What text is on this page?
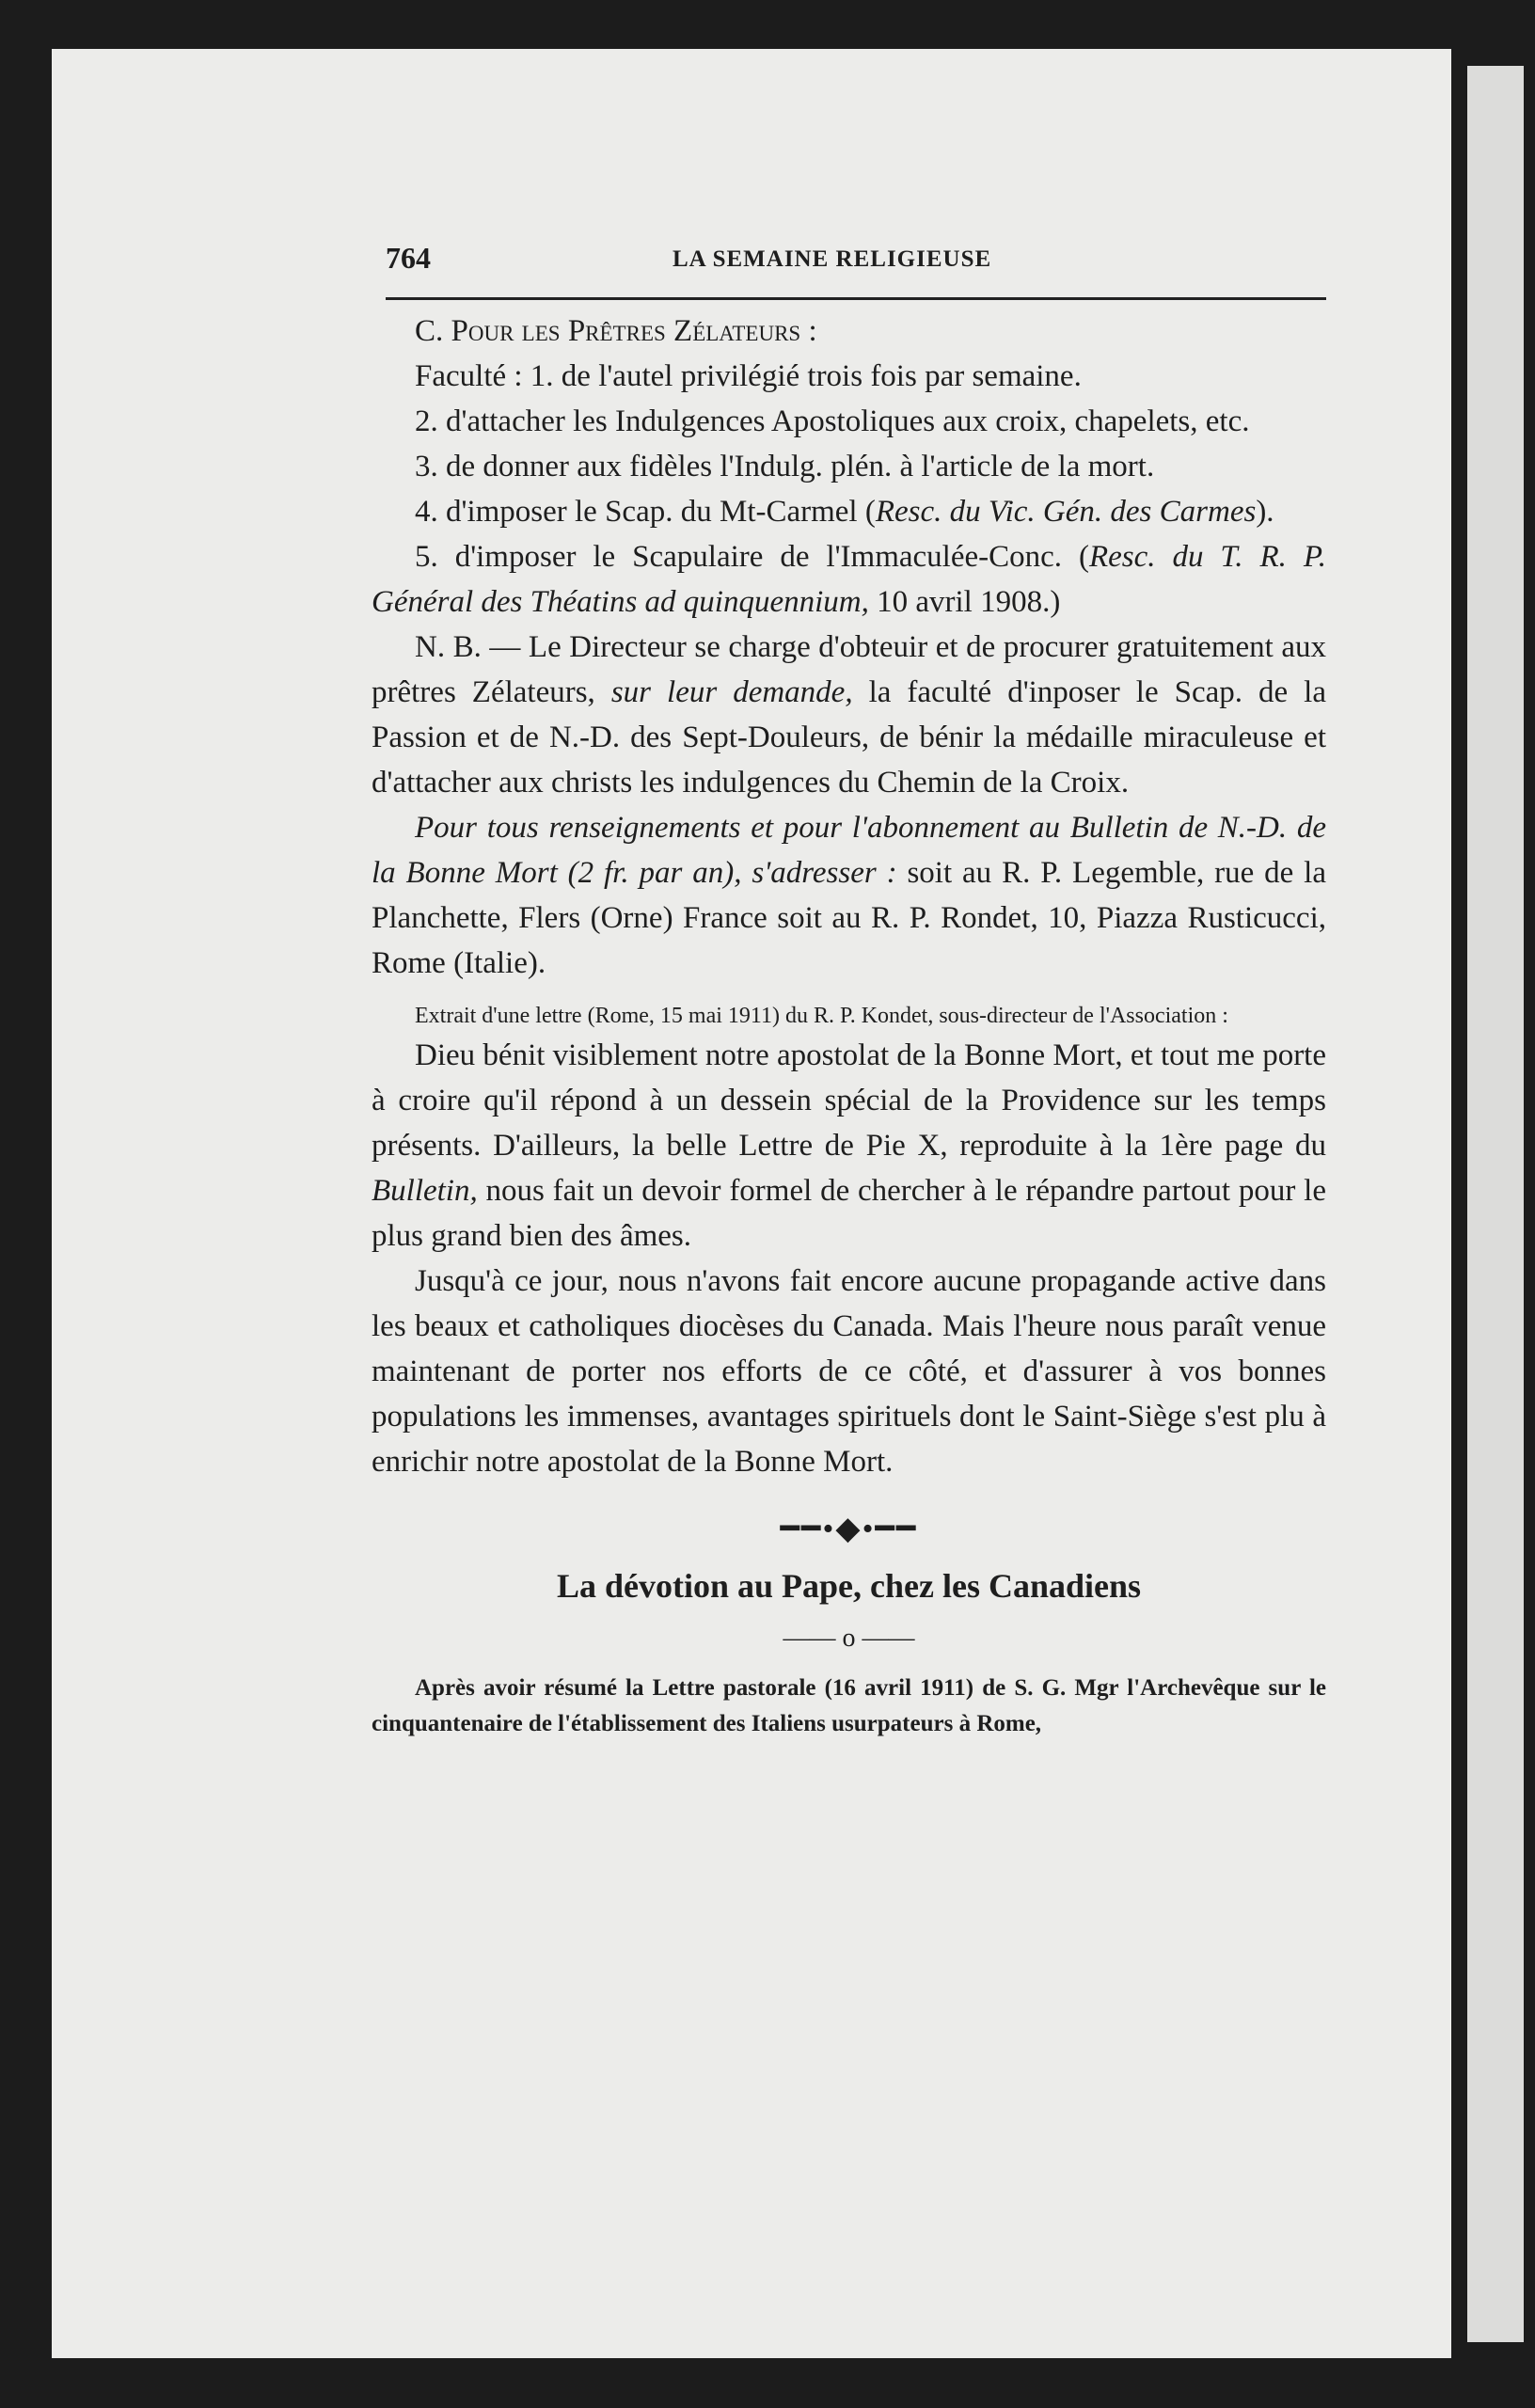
764	LA SEMAINE RELIGIEUSE

C. Pour les Prêtres Zélateurs :

Faculté : 1. de l'autel privilégié trois fois par semaine.

2. d'attacher les Indulgences Apostoliques aux croix, chapelets, etc.

3. de donner aux fidèles l'Indulg. plén. à l'article de la mort.

4. d'imposer le Scap. du Mt-Carmel (Resc. du Vic. Gén. des Carmes).

5. d'imposer le Scapulaire de l'Immaculée-Conc. (Resc. du T. R. P. Général des Théatins ad quinquennium, 10 avril 1908.)

N. B. — Le Directeur se charge d'obteuir et de procurer gratuitement aux prêtres Zélateurs, sur leur demande, la faculté d'inposer le Scap. de la Passion et de N.-D. des Sept-Douleurs, de bénir la médaille miraculeuse et d'attacher aux christs les indulgences du Chemin de la Croix.

Pour tous renseignements et pour l'abonnement au Bulletin de N.-D. de la Bonne Mort (2 fr. par an), s'adresser : soit au R. P. Legemble, rue de la Planchette, Flers (Orne) France soit au R. P. Rondet, 10, Piazza Rusticucci, Rome (Italie).

Extrait d'une lettre (Rome, 15 mai 1911) du R. P. Kondet, sous-directeur de l'Association :

Dieu bénit visiblement notre apostolat de la Bonne Mort, et tout me porte à croire qu'il répond à un dessein spécial de la Providence sur les temps présents. D'ailleurs, la belle Lettre de Pie X, reproduite à la 1ère page du Bulletin, nous fait un devoir formel de chercher à le répandre partout pour le plus grand bien des âmes.

Jusqu'à ce jour, nous n'avons fait encore aucune propagande active dans les beaux et catholiques diocèses du Canada. Mais l'heure nous paraît venue maintenant de porter nos efforts de ce côté, et d'assurer à vos bonnes populations les immenses, avantages spirituels dont le Saint-Siège s'est plu à enrichir notre apostolat de la Bonne Mort.

━━•◆•━━
La dévotion au Pape, chez les Canadiens
—— o ——

Après avoir résumé la Lettre pastorale (16 avril 1911) de S. G. Mgr l'Archevêque sur le cinquantenaire de l'établissement des Italiens usurpateurs à Rome,
